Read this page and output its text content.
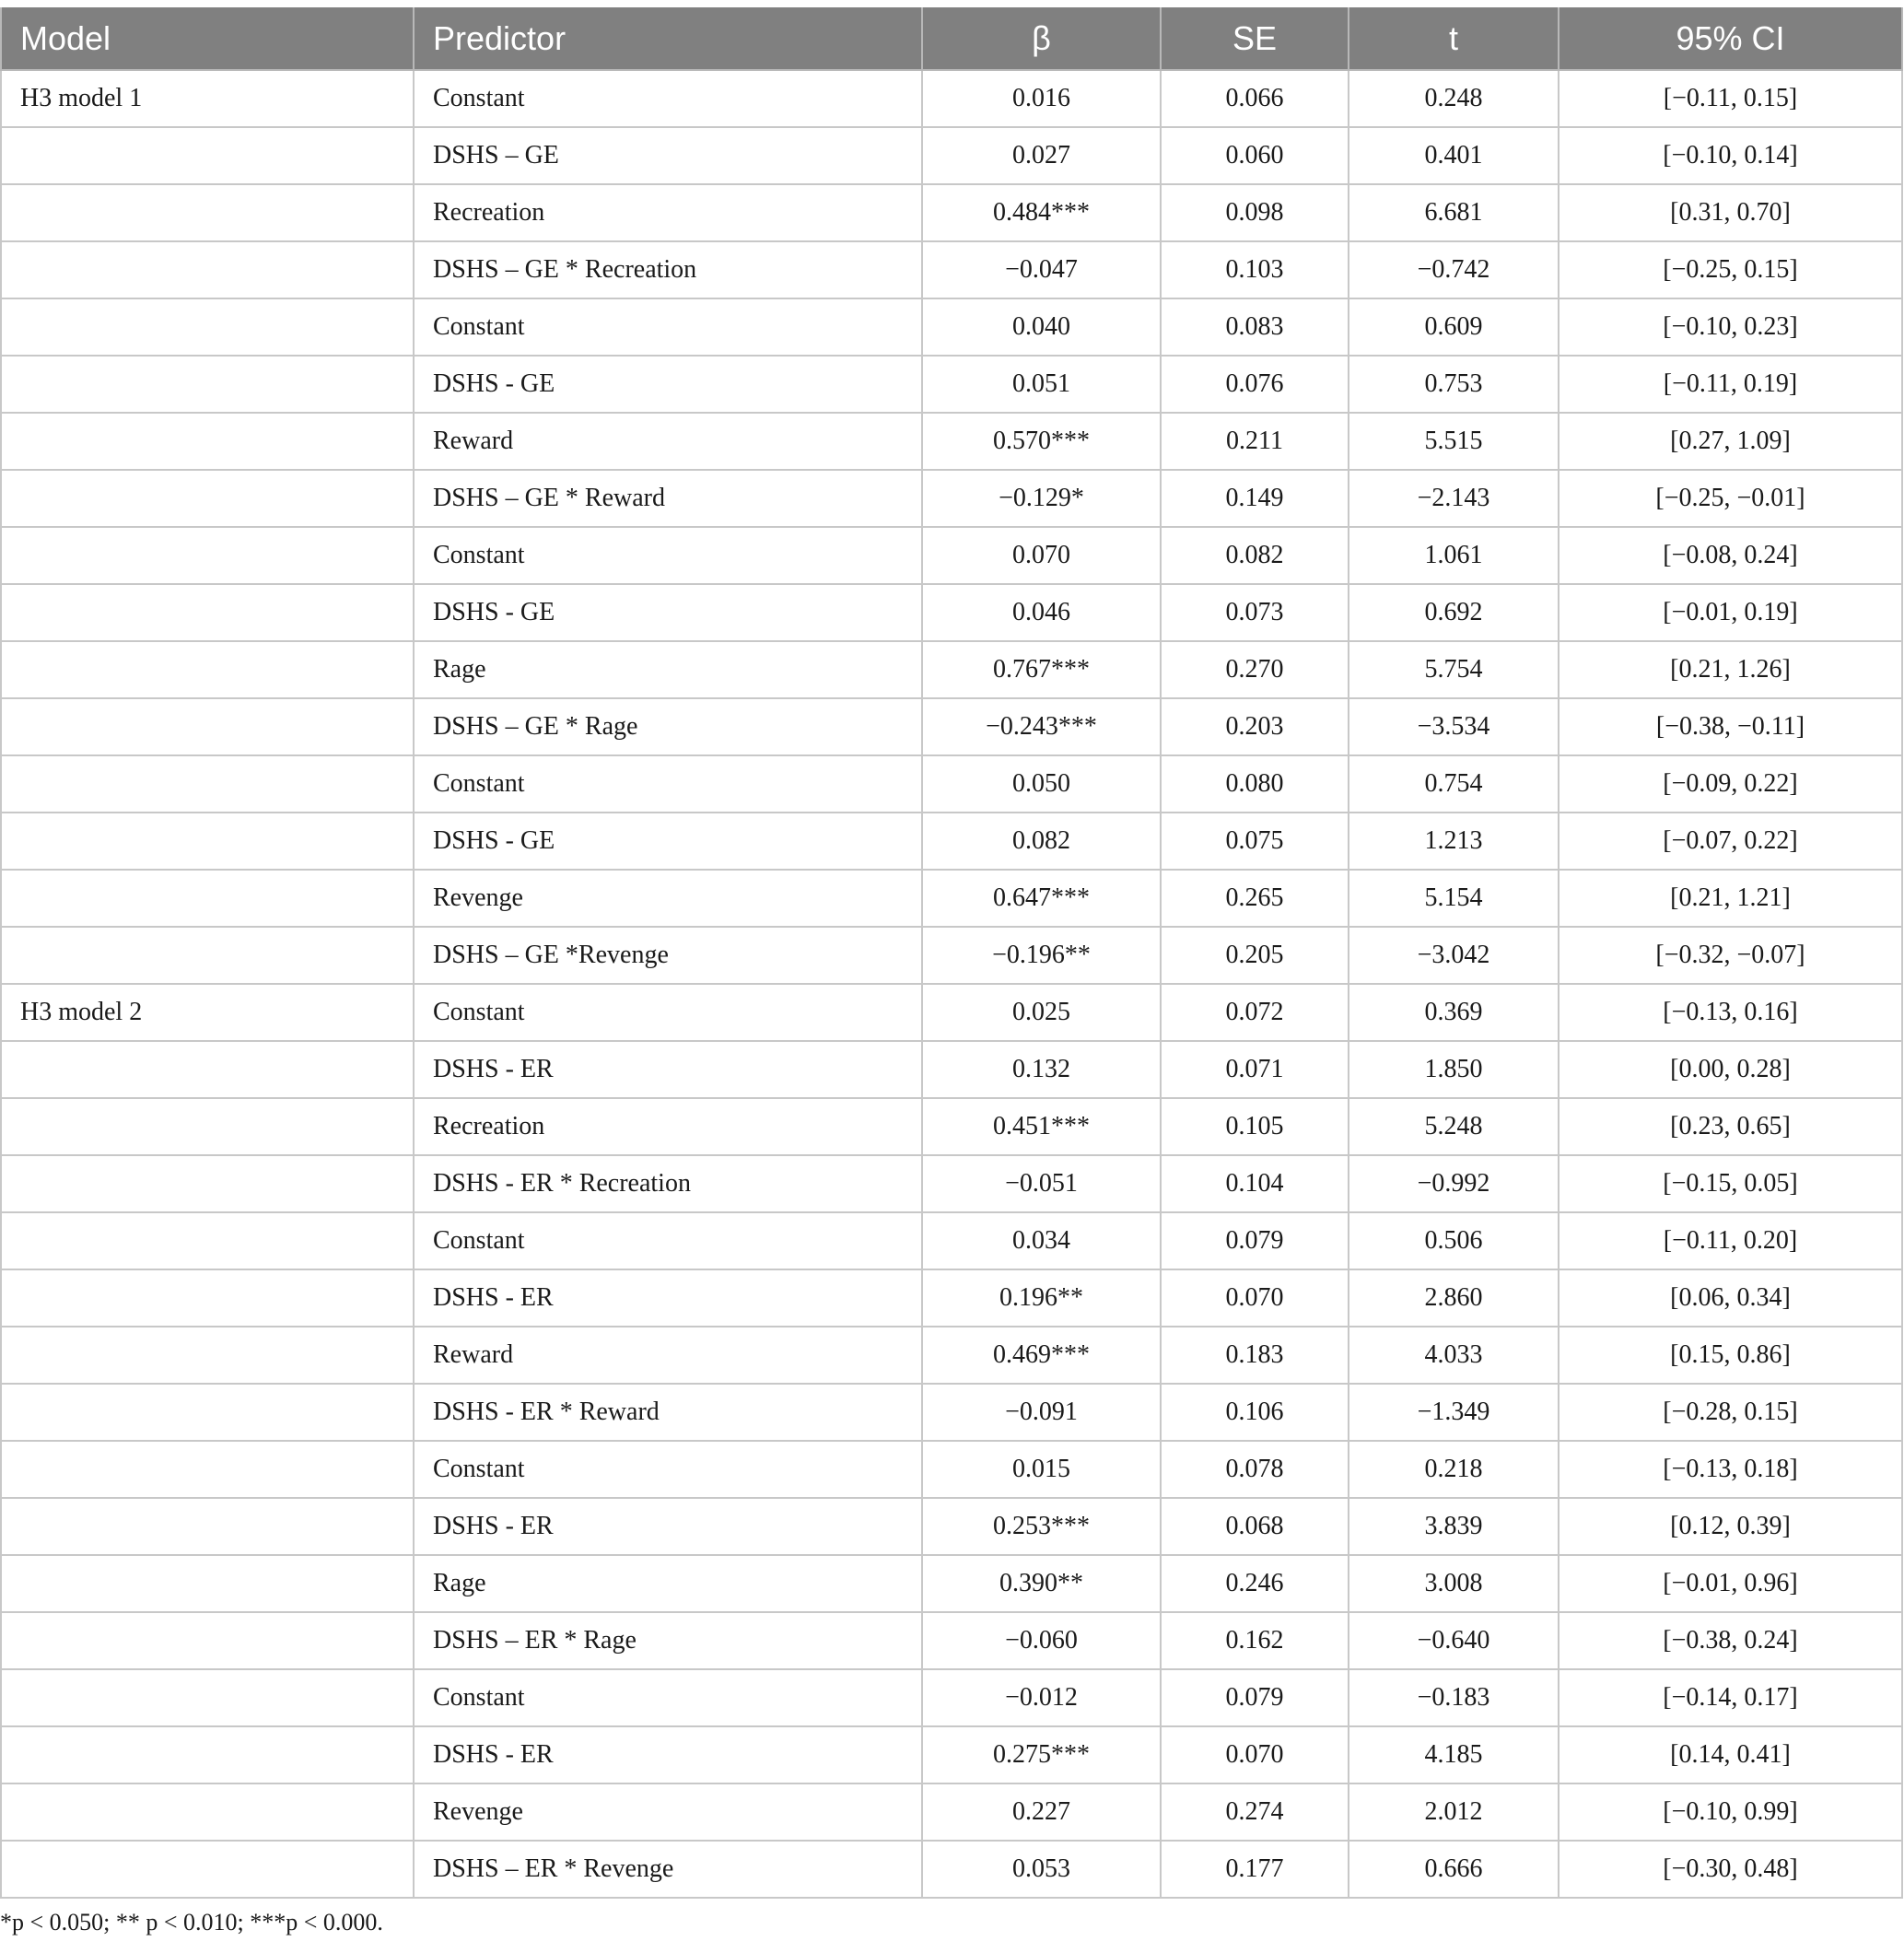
Model	Predictor	β	SE	t	95% CI
H3 model 1	Constant	0.016	0.066	0.248	[−0.11, 0.15]
	DSHS – GE	0.027	0.060	0.401	[−0.10, 0.14]
	Recreation	0.484***	0.098	6.681	[0.31, 0.70]
	DSHS – GE * Recreation	−0.047	0.103	−0.742	[−0.25, 0.15]
	Constant	0.040	0.083	0.609	[−0.10, 0.23]
	DSHS - GE	0.051	0.076	0.753	[−0.11, 0.19]
	Reward	0.570***	0.211	5.515	[0.27, 1.09]
	DSHS – GE * Reward	−0.129*	0.149	−2.143	[−0.25, −0.01]
	Constant	0.070	0.082	1.061	[−0.08, 0.24]
	DSHS - GE	0.046	0.073	0.692	[−0.01, 0.19]
	Rage	0.767***	0.270	5.754	[0.21, 1.26]
	DSHS – GE * Rage	−0.243***	0.203	−3.534	[−0.38, −0.11]
	Constant	0.050	0.080	0.754	[−0.09, 0.22]
	DSHS - GE	0.082	0.075	1.213	[−0.07, 0.22]
	Revenge	0.647***	0.265	5.154	[0.21, 1.21]
	DSHS – GE *Revenge	−0.196**	0.205	−3.042	[−0.32, −0.07]
H3 model 2	Constant	0.025	0.072	0.369	[−0.13, 0.16]
	DSHS - ER	0.132	0.071	1.850	[0.00, 0.28]
	Recreation	0.451***	0.105	5.248	[0.23, 0.65]
	DSHS - ER * Recreation	−0.051	0.104	−0.992	[−0.15, 0.05]
	Constant	0.034	0.079	0.506	[−0.11, 0.20]
	DSHS - ER	0.196**	0.070	2.860	[0.06, 0.34]
	Reward	0.469***	0.183	4.033	[0.15, 0.86]
	DSHS - ER * Reward	−0.091	0.106	−1.349	[−0.28, 0.15]
	Constant	0.015	0.078	0.218	[−0.13, 0.18]
	DSHS - ER	0.253***	0.068	3.839	[0.12, 0.39]
	Rage	0.390**	0.246	3.008	[−0.01, 0.96]
	DSHS – ER * Rage	−0.060	0.162	−0.640	[−0.38, 0.24]
	Constant	−0.012	0.079	−0.183	[−0.14, 0.17]
	DSHS - ER	0.275***	0.070	4.185	[0.14, 0.41]
	Revenge	0.227	0.274	2.012	[−0.10, 0.99]
	DSHS – ER * Revenge	0.053	0.177	0.666	[−0.30, 0.48]
*p < 0.050; ** p < 0.010; ***p < 0.000.
